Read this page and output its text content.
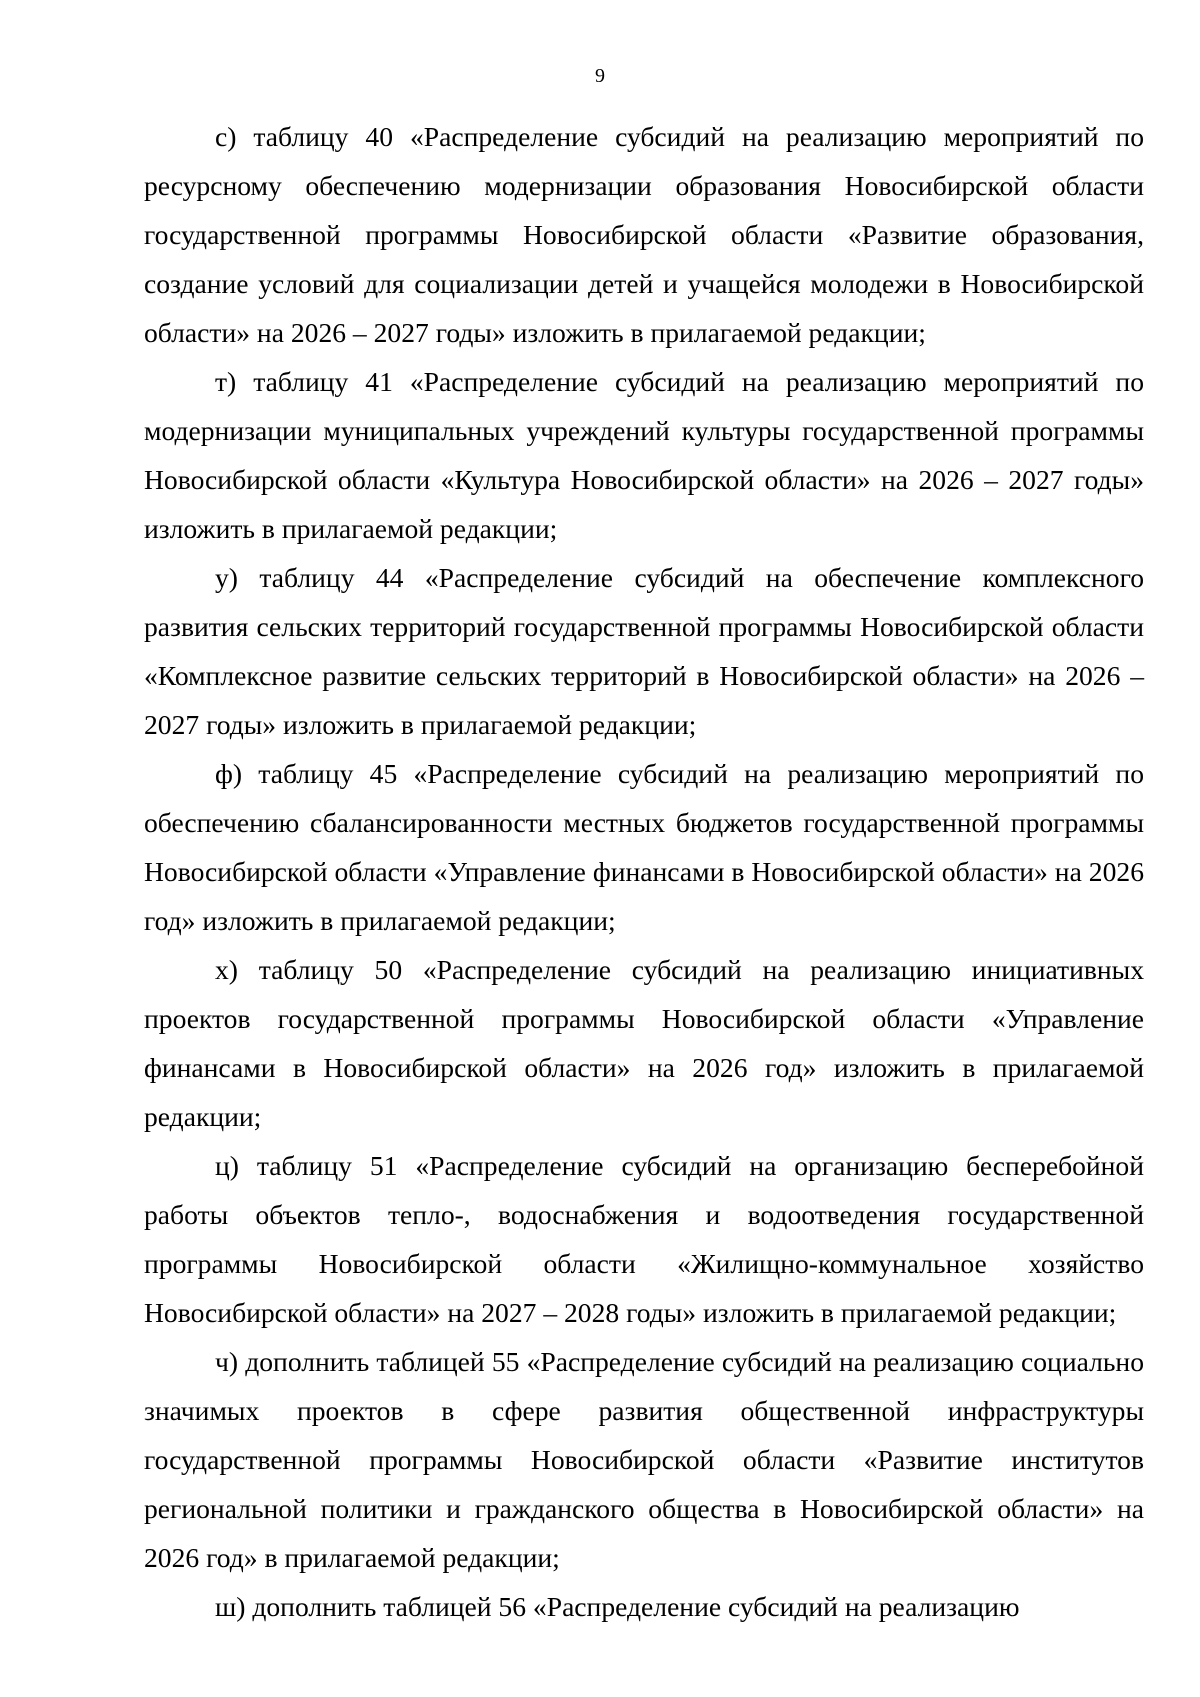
9

с) таблицу 40 «Распределение субсидий на реализацию мероприятий по ресурсному обеспечению модернизации образования Новосибирской области государственной программы Новосибирской области «Развитие образования, создание условий для социализации детей и учащейся молодежи в Новосибирской области» на 2026 – 2027 годы» изложить в прилагаемой редакции;

т) таблицу 41 «Распределение субсидий на реализацию мероприятий по модернизации муниципальных учреждений культуры государственной программы Новосибирской области «Культура Новосибирской области» на 2026 – 2027 годы» изложить в прилагаемой редакции;

у) таблицу 44 «Распределение субсидий на обеспечение комплексного развития сельских территорий государственной программы Новосибирской области «Комплексное развитие сельских территорий в Новосибирской области» на 2026 – 2027 годы» изложить в прилагаемой редакции;

ф) таблицу 45 «Распределение субсидий на реализацию мероприятий по обеспечению сбалансированности местных бюджетов государственной программы Новосибирской области «Управление финансами в Новосибирской области» на 2026 год» изложить в прилагаемой редакции;

х) таблицу 50 «Распределение субсидий на реализацию инициативных проектов государственной программы Новосибирской области «Управление финансами в Новосибирской области» на 2026 год» изложить в прилагаемой редакции;

ц) таблицу 51 «Распределение субсидий на организацию бесперебойной работы объектов тепло-, водоснабжения и водоотведения государственной программы Новосибирской области «Жилищно-коммунальное хозяйство Новосибирской области» на 2027 – 2028 годы» изложить в прилагаемой редакции;

ч) дополнить таблицей 55 «Распределение субсидий на реализацию социально значимых проектов в сфере развития общественной инфраструктуры государственной программы Новосибирской области «Развитие институтов региональной политики и гражданского общества в Новосибирской области» на 2026 год» в прилагаемой редакции;

ш) дополнить таблицей 56 «Распределение субсидий на реализацию
